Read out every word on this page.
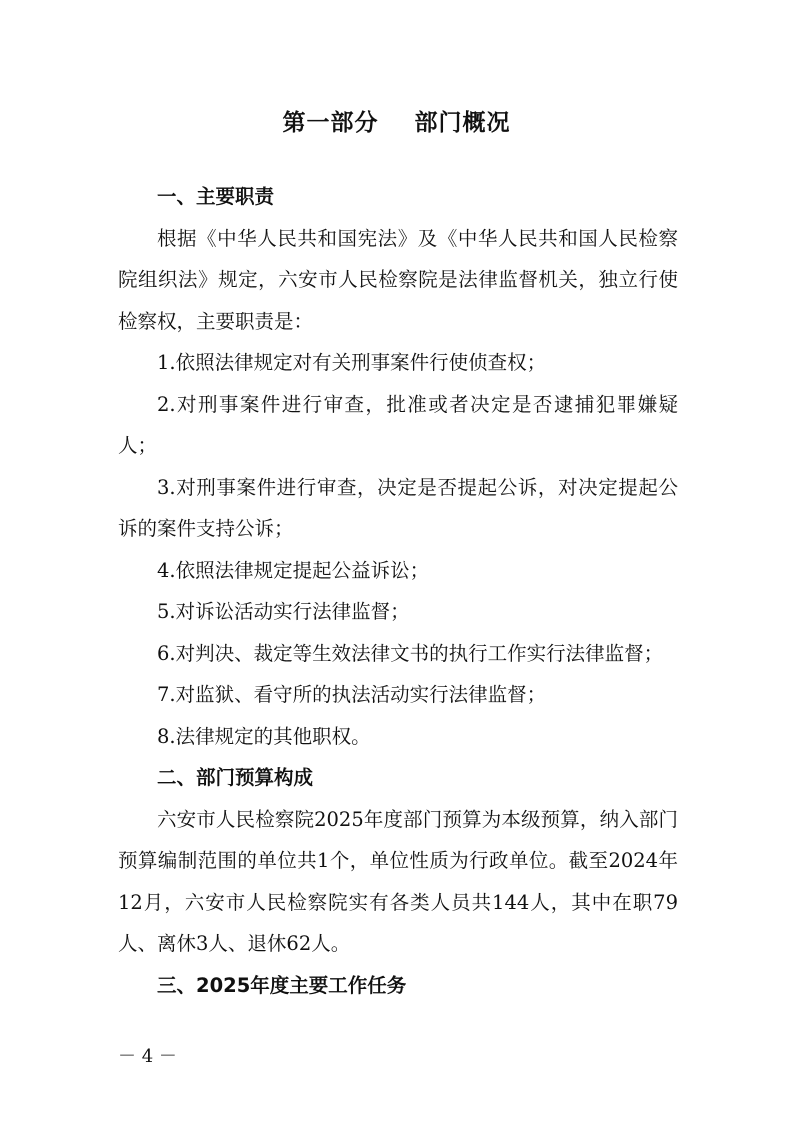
第一部分    部门概况

一、主要职责

根据《中华人民共和国宪法》及《中华人民共和国人民检察院组织法》规定，六安市人民检察院是法律监督机关，独立行使检察权，主要职责是：

1.依照法律规定对有关刑事案件行使侦查权；

2.对刑事案件进行审查，批准或者决定是否逮捕犯罪嫌疑人；

3.对刑事案件进行审查，决定是否提起公诉，对决定提起公诉的案件支持公诉；

4.依照法律规定提起公益诉讼；

5.对诉讼活动实行法律监督；

6.对判决、裁定等生效法律文书的执行工作实行法律监督；

7.对监狱、看守所的执法活动实行法律监督；

8.法律规定的其他职权。

二、部门预算构成

六安市人民检察院2025年度部门预算为本级预算，纳入部门预算编制范围的单位共1个，单位性质为行政单位。截至2024年12月，六安市人民检察院实有各类人员共144人，其中在职79人、离休3人、退休62人。

三、2025年度主要工作任务

－ 4 －
